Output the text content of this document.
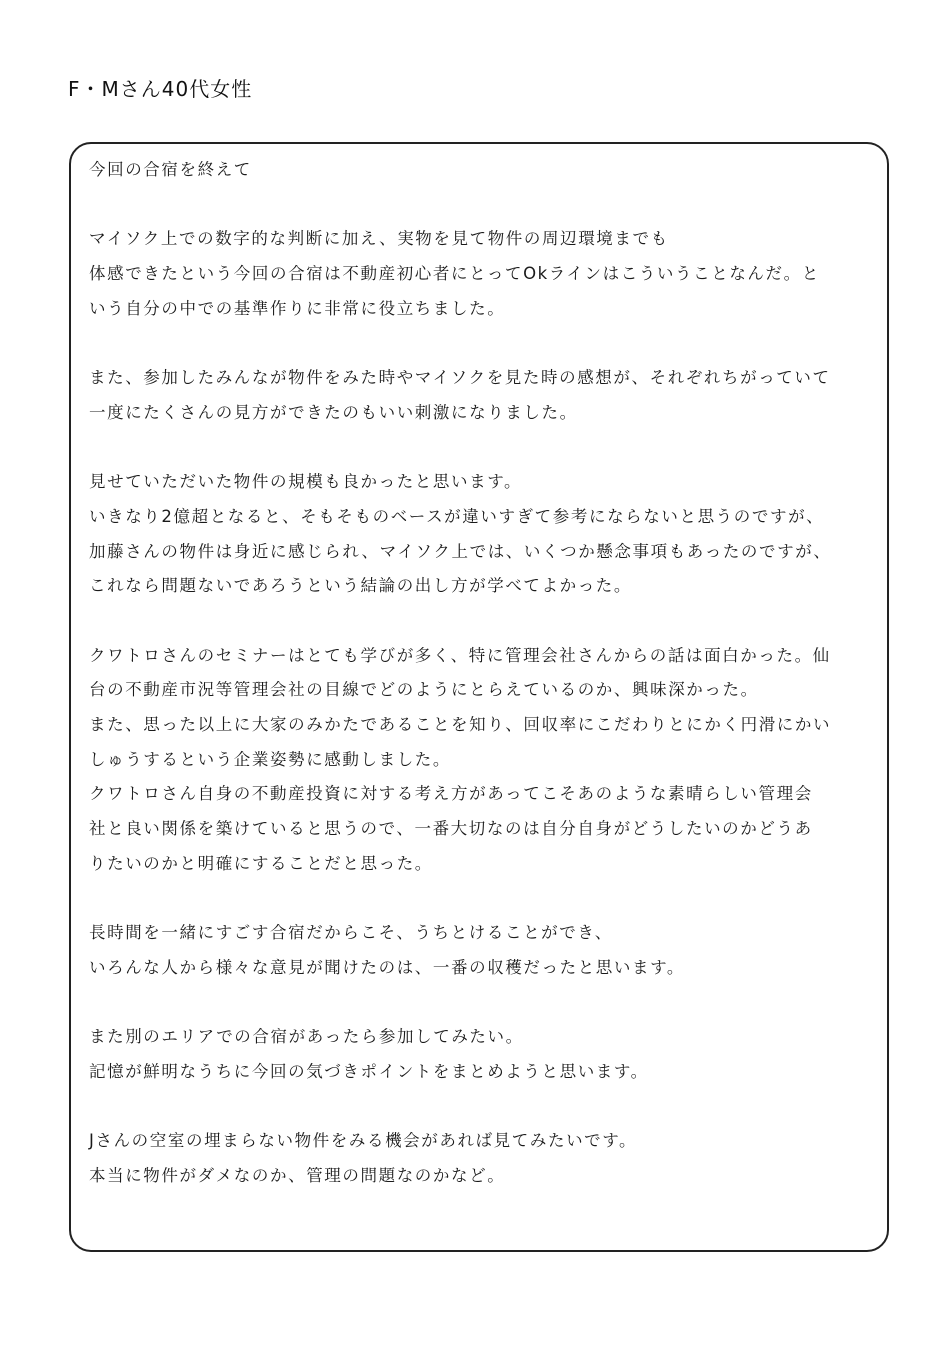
F・Mさん40代女性
今回の合宿を終えて
マイソク上での数字的な判断に加え、実物を見て物件の周辺環境までも
体感できたという今回の合宿は不動産初心者にとってOkラインはこういうことなんだ。と
いう自分の中での基準作りに非常に役立ちました。
また、参加したみんなが物件をみた時やマイソクを見た時の感想が、それぞれちがっていて
一度にたくさんの見方ができたのもいい刺激になりました。
見せていただいた物件の規模も良かったと思います。
いきなり2億超となると、そもそものベースが違いすぎて参考にならないと思うのですが、
加藤さんの物件は身近に感じられ、マイソク上では、いくつか懸念事項もあったのですが、
これなら問題ないであろうという結論の出し方が学べてよかった。
クワトロさんのセミナーはとても学びが多く、特に管理会社さんからの話は面白かった。仙
台の不動産市況等管理会社の目線でどのようにとらえているのか、興味深かった。
また、思った以上に大家のみかたであることを知り、回収率にこだわりとにかく円滑にかい
しゅうするという企業姿勢に感動しました。
クワトロさん自身の不動産投資に対する考え方があってこそあのような素晴らしい管理会
社と良い関係を築けていると思うので、一番大切なのは自分自身がどうしたいのかどうあ
りたいのかと明確にすることだと思った。
長時間を一緒にすごす合宿だからこそ、うちとけることができ、
いろんな人から様々な意見が聞けたのは、一番の収穫だったと思います。
また別のエリアでの合宿があったら参加してみたい。
記憶が鮮明なうちに今回の気づきポイントをまとめようと思います。
Jさんの空室の埋まらない物件をみる機会があれば見てみたいです。
本当に物件がダメなのか、管理の問題なのかなど。
